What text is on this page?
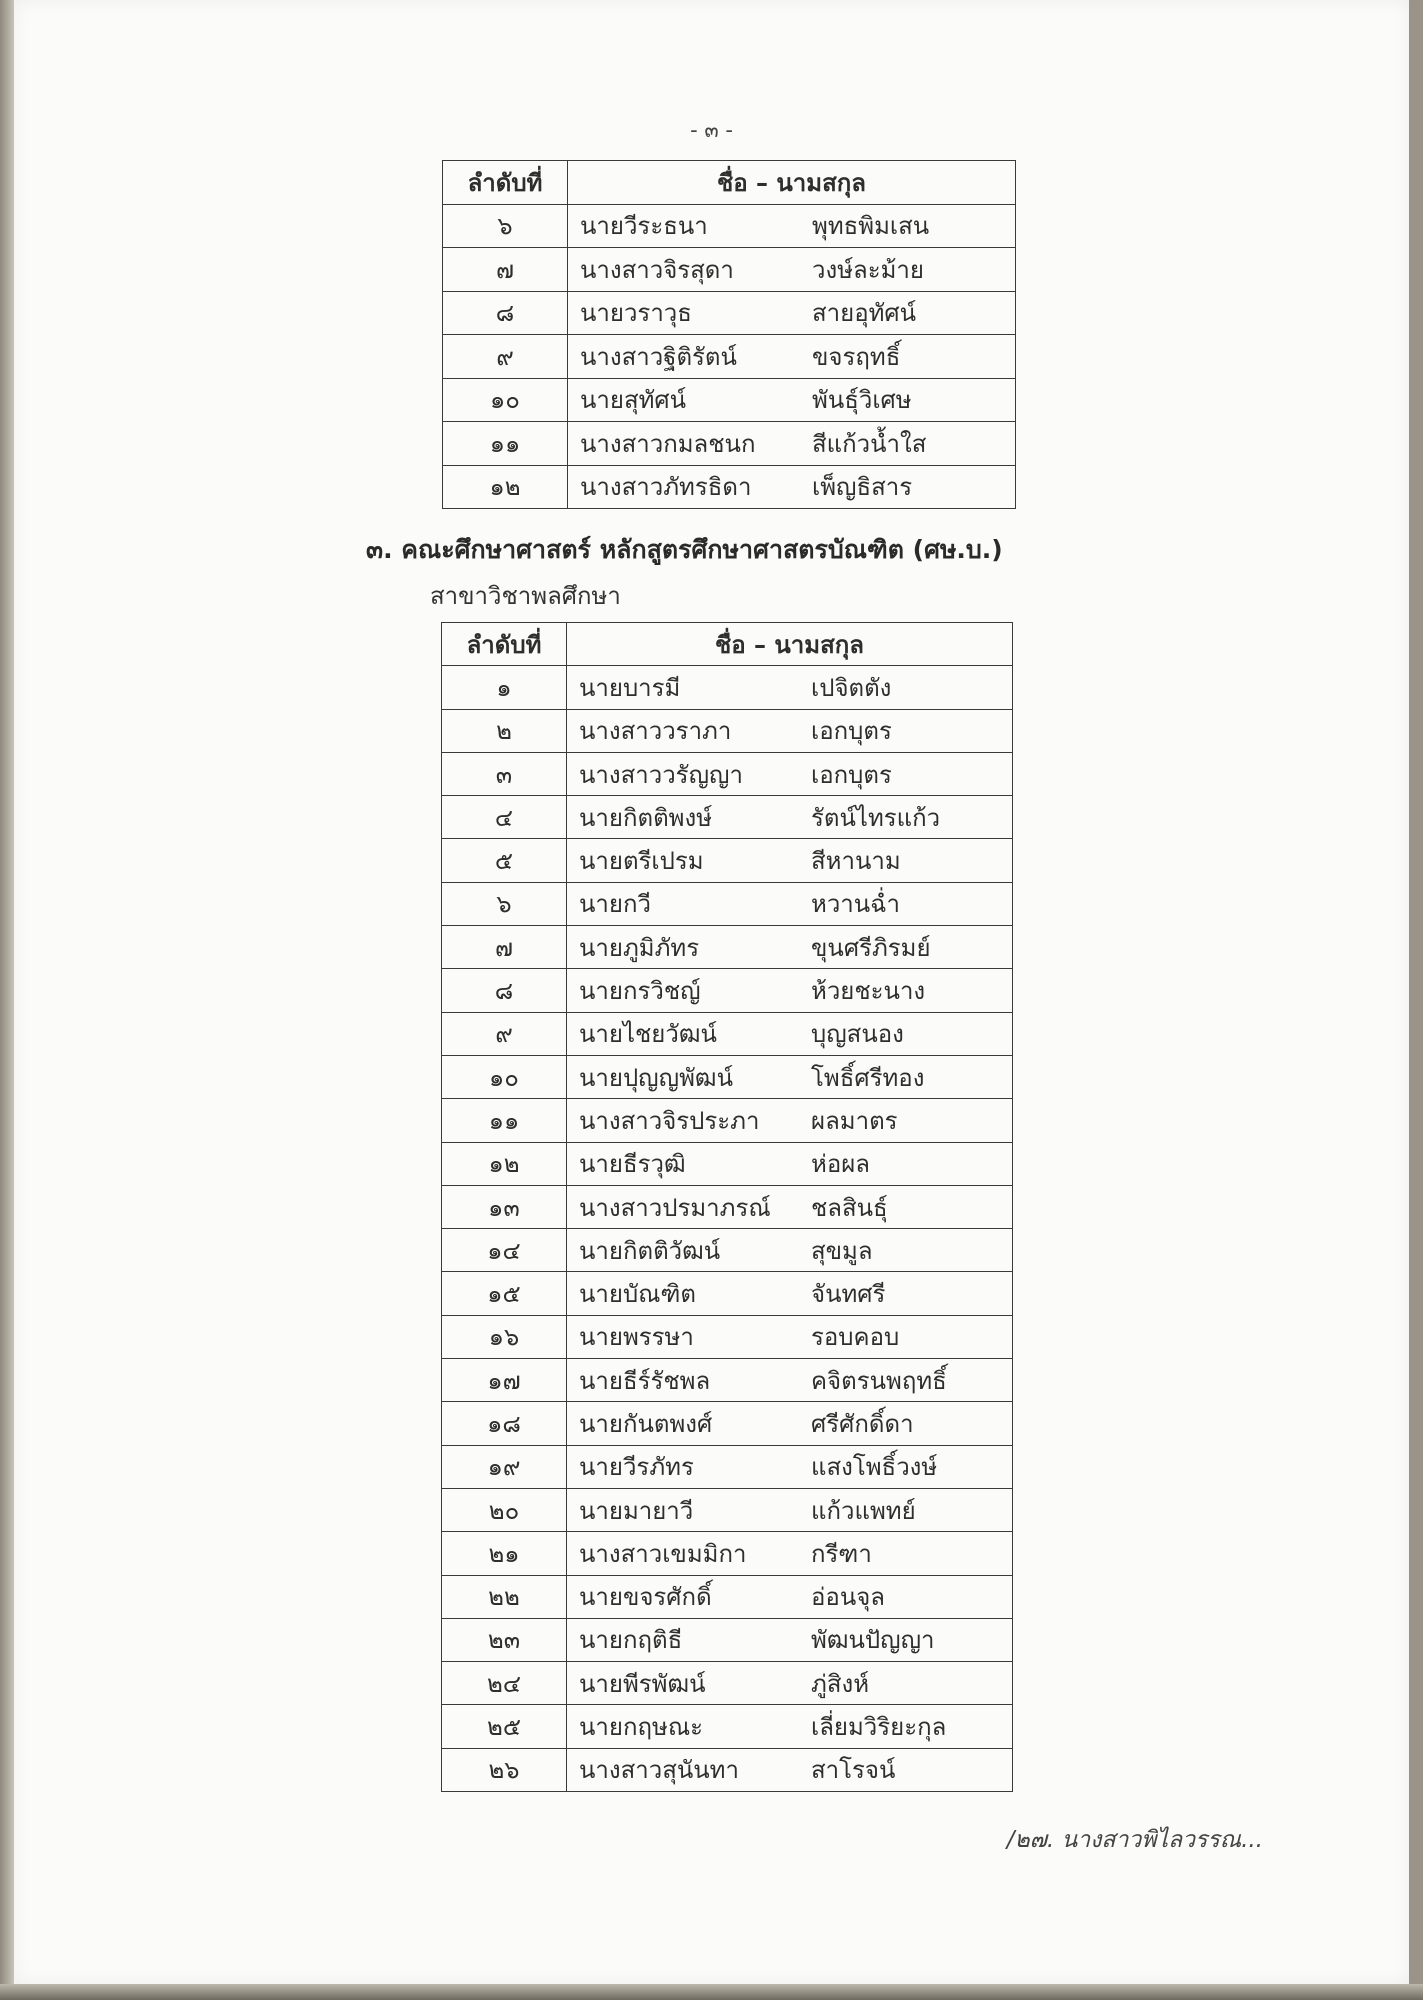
- ๓ -
ลำดับที่	ชื่อ – นามสกุล
๖	นายวีระธนา พุทธพิมเสน

๗	นางสาวจิรสุดา วงษ์ละม้าย

๘	นายวราวุธ สายอุทัศน์

๙	นางสาวฐิติรัตน์ ขจรฤทธิ์

๑๐	นายสุทัศน์ พันธุ์วิเศษ

๑๑	นางสาวกมลชนก สีแก้วน้ำใส

๑๒	นางสาวภัทรธิดา เพ็ญธิสาร
๓. คณะศึกษาศาสตร์ หลักสูตรศึกษาศาสตรบัณฑิต (ศษ.บ.)
สาขาวิชาพลศึกษา
ลำดับที่	ชื่อ – นามสกุล
๑	นายบารมี เปจิตตัง

๒	นางสาววราภา เอกบุตร

๓	นางสาววรัญญา เอกบุตร

๔	นายกิตติพงษ์ รัตน์ไทรแก้ว

๕	นายตรีเปรม สีหานาม

๖	นายกวี หวานฉ่ำ

๗	นายภูมิภัทร ขุนศรีภิรมย์

๘	นายกรวิชญ์ ห้วยชะนาง

๙	นายไชยวัฒน์ บุญสนอง

๑๐	นายปุญญพัฒน์ โพธิ์ศรีทอง

๑๑	นางสาวจิรประภา ผลมาตร

๑๒	นายธีรวุฒิ ห่อผล

๑๓	นางสาวปรมาภรณ์ ชลสินธุ์

๑๔	นายกิตติวัฒน์ สุขมูล

๑๕	นายบัณฑิต จันทศรี

๑๖	นายพรรษา รอบคอบ

๑๗	นายธีร์รัชพล คจิตรนพฤทธิ์

๑๘	นายกันตพงศ์ ศรีศักดิ์ดา

๑๙	นายวีรภัทร แสงโพธิ์วงษ์

๒๐	นายมายาวี แก้วแพทย์

๒๑	นางสาวเขมมิกา กรีฑา

๒๒	นายขจรศักดิ์ อ่อนจุล

๒๓	นายกฤติธี พัฒนปัญญา

๒๔	นายพีรพัฒน์ ภู่สิงห์

๒๕	นายกฤษณะ เลี่ยมวิริยะกุล

๒๖	นางสาวสุนันทา สาโรจน์
/๒๗. นางสาวพิไลวรรณ...
